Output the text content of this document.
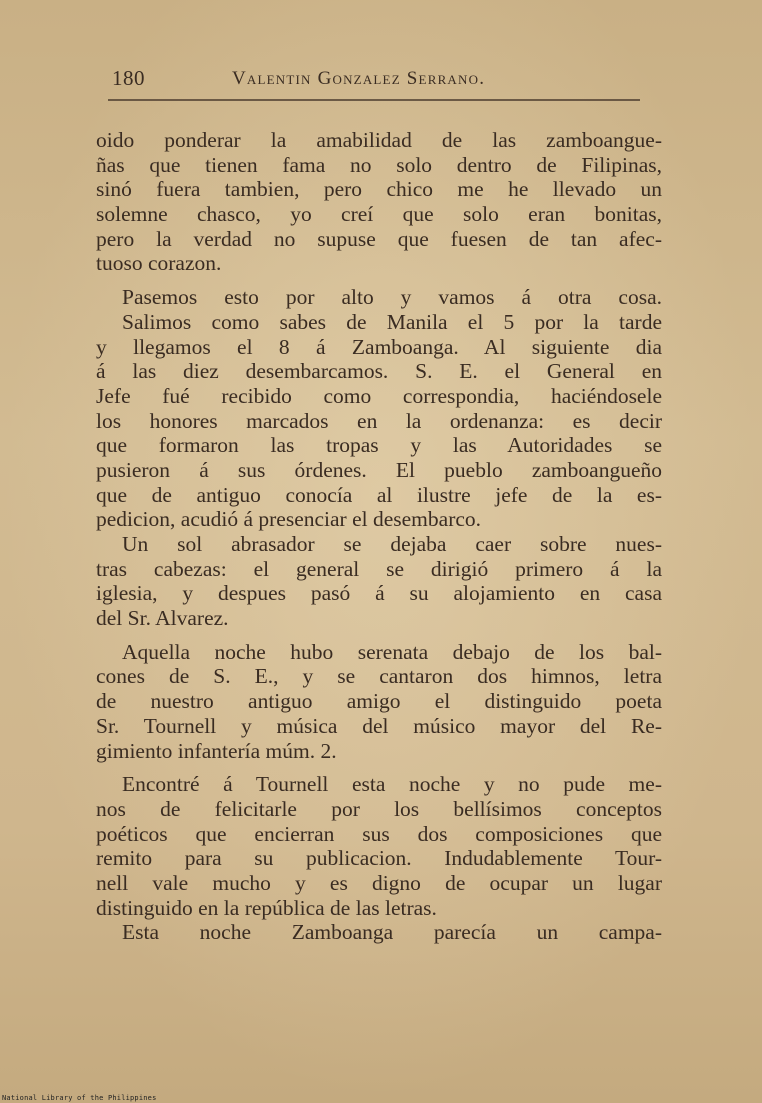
180	Valentin Gonzalez Serrano.
oido ponderar la amabilidad de las zamboangue-
ñas que tienen fama no solo dentro de Filipinas,
sinó fuera tambien, pero chico me he llevado un
solemne chasco, yo creí que solo eran bonitas,
pero la verdad no supuse que fuesen de tan afec-
tuoso corazon.
Pasemos esto por alto y vamos á otra cosa.
Salimos como sabes de Manila el 5 por la tarde
y llegamos el 8 á Zamboanga. Al siguiente dia
á las diez desembarcamos. S. E. el General en
Jefe fué recibido como correspondia, haciéndosele
los honores marcados en la ordenanza: es decir
que formaron las tropas y las Autoridades se
pusieron á sus órdenes. El pueblo zamboangueño
que de antiguo conocía al ilustre jefe de la es-
pedicion, acudió á presenciar el desembarco.
Un sol abrasador se dejaba caer sobre nues-
tras cabezas: el general se dirigió primero á la
iglesia, y despues pasó á su alojamiento en casa
del Sr. Alvarez.
Aquella noche hubo serenata debajo de los bal-
cones de S. E., y se cantaron dos himnos, letra
de nuestro antiguo amigo el distinguido poeta
Sr. Tournell y música del músico mayor del Re-
gimiento infantería múm. 2.
Encontré á Tournell esta noche y no pude me-
nos de felicitarle por los bellísimos conceptos
poéticos que encierran sus dos composiciones que
remito para su publicacion. Indudablemente Tour-
nell vale mucho y es digno de ocupar un lugar
distinguido en la república de las letras.
Esta noche Zamboanga parecía un campa-
National Library of the Philippines
